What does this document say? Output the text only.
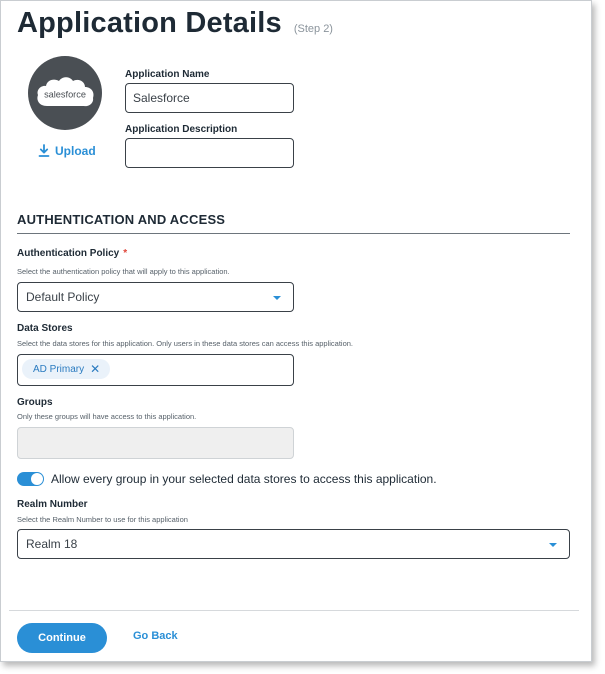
Application Details (Step 2)
salesforce
Upload
Application Name
Salesforce
Application Description
AUTHENTICATION AND ACCESS
Authentication Policy *
Select the authentication policy that will apply to this application.
Default Policy
Data Stores
Select the data stores for this application. Only users in these data stores can access this application.
AD Primary ✕
Groups
Only these groups will have access to this application.
Allow every group in your selected data stores to access this application.
Realm Number
Select the Realm Number to use for this application
Realm 18
Continue	Go Back
